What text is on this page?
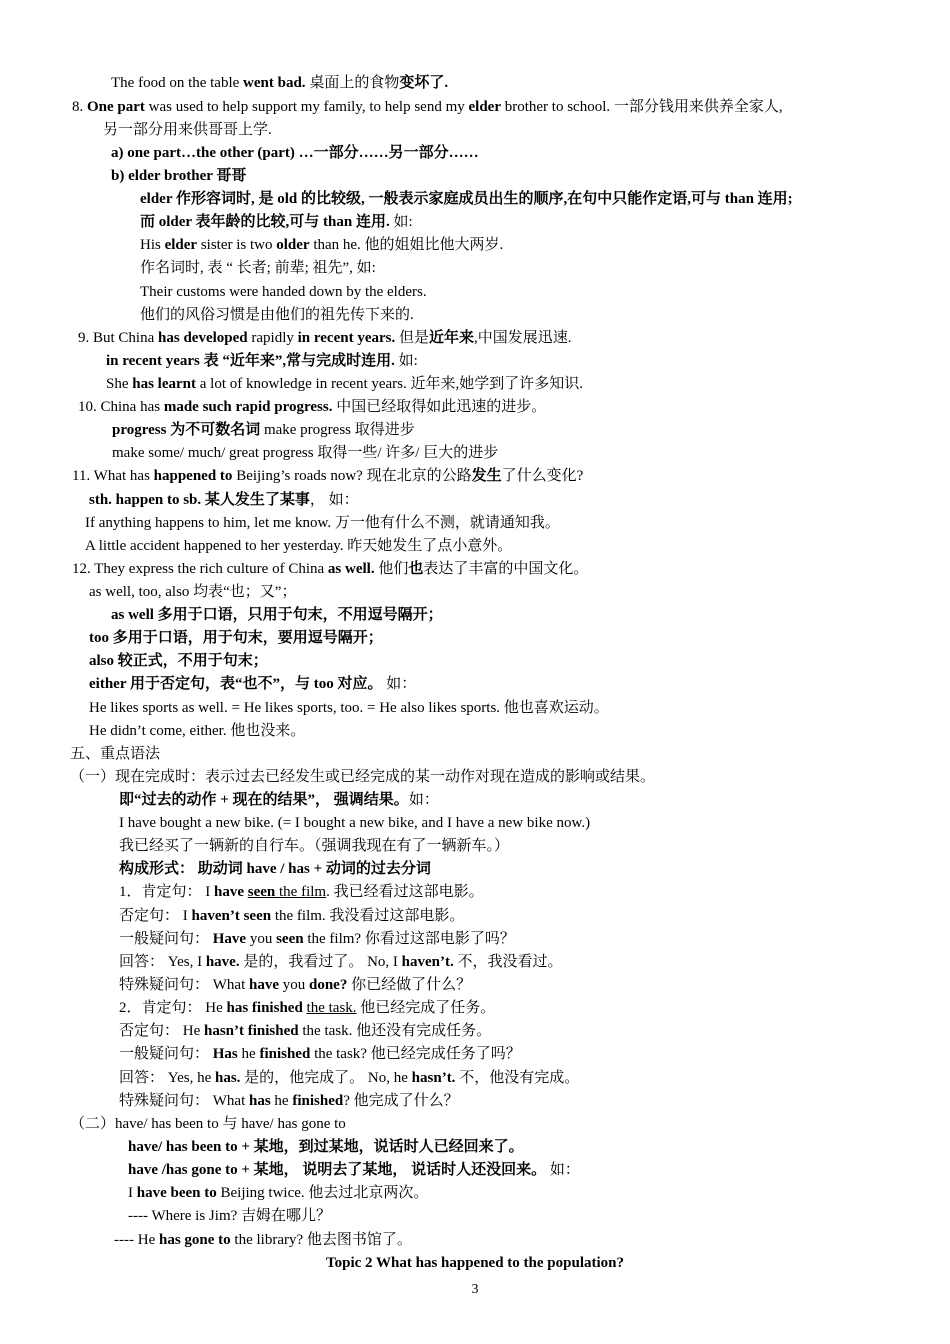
The food on the table went bad. 桌面上的食物变坏了.
8. One part was used to help support my family, to help send my elder brother to school. 一部分钱用来供养全家人,
另一部分用来供哥哥上学.
a) one part…the other (part) …一部分……另一部分……
b) elder brother 哥哥
elder 作形容词时, 是 old 的比较级, 一般表示家庭成员出生的顺序,在句中只能作定语,可与 than 连用;
而 older 表年龄的比较,可与 than 连用. 如:
His elder sister is two older than he. 他的姐姐比他大两岁.
作名词时, 表 “ 长者; 前辈; 祖先”, 如:
Their customs were handed down by the elders.
他们的风俗习惯是由他们的祖先传下来的.
9. But China has developed rapidly in recent years. 但是近年来,中国发展迅速.
in recent years 表 “近年来”,常与完成时连用. 如:
She has learnt a lot of knowledge in recent years. 近年来,她学到了许多知识.
10. China has made such rapid progress. 中国已经取得如此迅速的进步。
progress 为不可数名词 make progress 取得进步
make some/ much/ great progress 取得一些/ 许多/ 巨大的进步
11. What has happened to Beijing’s roads now? 现在北京的公路发生了什么变化?
sth. happen to sb. 某人发生了某事， 如：
If anything happens to him, let me know. 万一他有什么不测，就请通知我。
A little accident happened to her yesterday. 昨天她发生了点小意外。
12. They express the rich culture of China as well. 他们也表达了丰富的中国文化。
as well, too, also 均表“也；又”；
as well 多用于口语，只用于句末，不用逗号隔开；
too 多用于口语，用于句末，要用逗号隔开；
also 较正式，不用于句末；
either 用于否定句，表“也不”，与 too 对应。 如：
He likes sports as well. = He likes sports, too. = He also likes sports. 他也喜欢运动。
He didn’t come, either. 他也没来。
五、重点语法
（一）现在完成时：表示过去已经发生或已经完成的某一动作对现在造成的影响或结果。
即“过去的动作 + 现在的结果”， 强调结果。如：
I have bought a new bike. (= I bought a new bike, and I have a new bike now.)
我已经买了一辆新的自行车。（强调我现在有了一辆新车。）
构成形式： 助动词 have / has + 动词的过去分词
1．肯定句： I have seen the film. 我已经看过这部电影。
否定句： I haven’t seen the film. 我没看过这部电影。
一般疑问句： Have you seen the film? 你看过这部电影了吗？
回答： Yes, I have. 是的，我看过了。 No, I haven’t. 不，我没看过。
特殊疑问句： What have you done? 你已经做了什么？
2．肯定句： He has finished the task. 他已经完成了任务。
否定句： He hasn’t finished the task. 他还没有完成任务。
一般疑问句： Has he finished the task? 他已经完成任务了吗？
回答： Yes, he has. 是的，他完成了。 No, he hasn’t. 不，他没有完成。
特殊疑问句： What has he finished? 他完成了什么？
（二）have/ has been to 与 have/ has gone to
have/ has been to + 某地，到过某地，说话时人已经回来了。
have /has gone to + 某地， 说明去了某地， 说话时人还没回来。 如：
I have been to Beijing twice. 他去过北京两次。
---- Where is Jim? 吉姆在哪儿？
---- He has gone to the library? 他去图书馆了。
Topic 2 What has happened to the population?
3
